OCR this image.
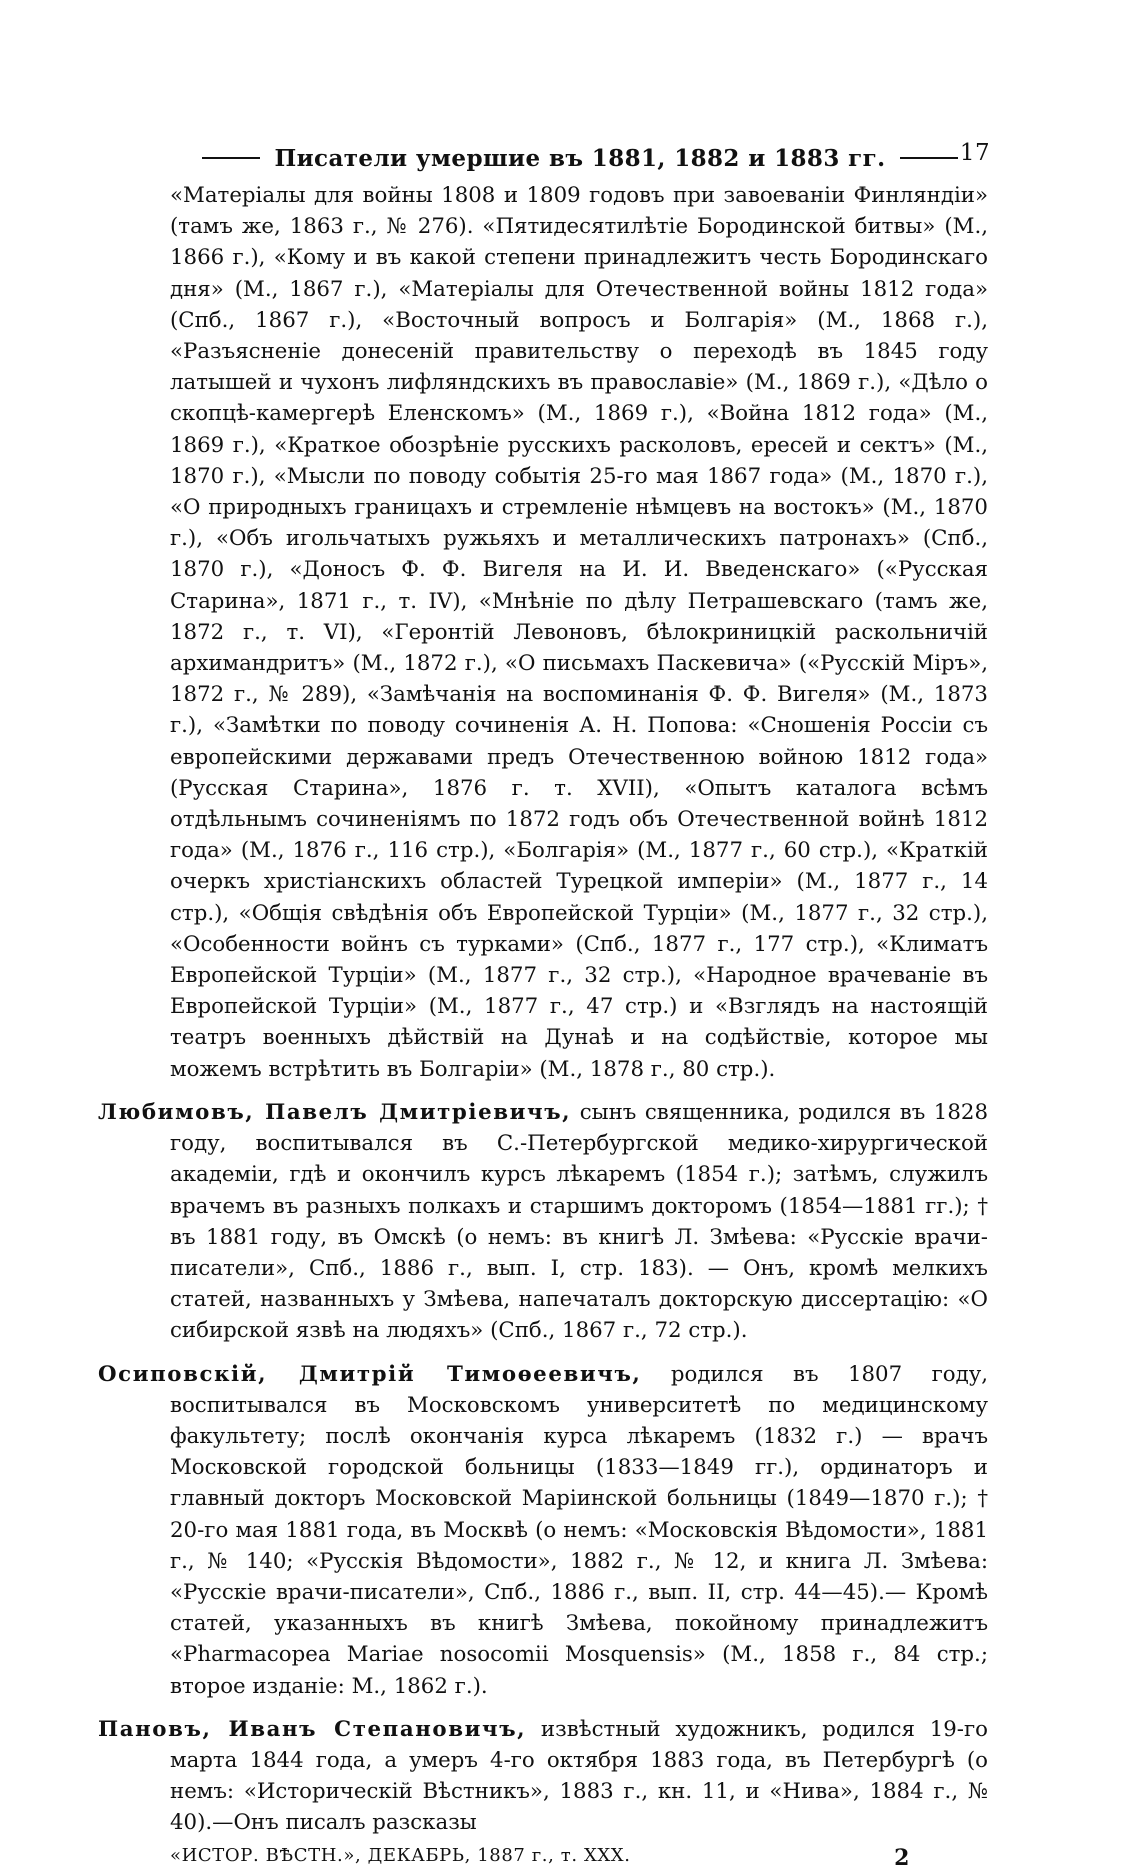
Писатели умершие въ 1881, 1882 и 1883 гг.	17
«Матеріалы для войны 1808 и 1809 годовъ при завоеваніи Финляндіи» (тамъ же, 1863 г., № 276). «Пятидесятилѣтіе Бородинской битвы» (М., 1866 г.), «Кому и въ какой степени принадлежитъ честь Бородинскаго дня» (М., 1867 г.), «Матеріалы для Отечественной войны 1812 года» (Спб., 1867 г.), «Восточный вопросъ и Болгарія» (М., 1868 г.), «Разъясненіе донесеній правительству о переходѣ въ 1845 году латышей и чухонъ лифляндскихъ въ православіе» (М., 1869 г.), «Дѣло о скопцѣ-камергерѣ Еленскомъ» (М., 1869 г.), «Война 1812 года» (М., 1869 г.), «Краткое обозрѣніе русскихъ расколовъ, ересей и сектъ» (М., 1870 г.), «Мысли по поводу событія 25-го мая 1867 года» (М., 1870 г.), «О природныхъ границахъ и стремленіе нѣмцевъ на востокъ» (М., 1870 г.), «Объ игольчатыхъ ружьяхъ и металлическихъ патронахъ» (Спб., 1870 г.), «Доносъ Ф. Ф. Вигеля на И. И. Введенскаго» («Русская Старина», 1871 г., т. IV), «Мнѣніе по дѣлу Петрашевскаго (тамъ же, 1872 г., т. VI), «Геронтій Левоновъ, бѣлокриницкій раскольничій архимандритъ» (М., 1872 г.), «О письмахъ Паскевича» («Русскій Міръ», 1872 г., № 289), «Замѣчанія на воспоминанія Ф. Ф. Вигеля» (М., 1873 г.), «Замѣтки по поводу сочиненія А. Н. Попова: «Сношенія Россіи съ европейскими державами предъ Отечественною войною 1812 года» (Русская Старина», 1876 г. т. XVII), «Опытъ каталога всѣмъ отдѣльнымъ сочиненіямъ по 1872 годъ объ Отечественной войнѣ 1812 года» (М., 1876 г., 116 стр.), «Болгарія» (М., 1877 г., 60 стр.), «Краткій очеркъ христіанскихъ областей Турецкой имперіи» (М., 1877 г., 14 стр.), «Общія свѣдѣнія объ Европейской Турціи» (М., 1877 г., 32 стр.), «Особенности войнъ съ турками» (Спб., 1877 г., 177 стр.), «Климатъ Европейской Турціи» (М., 1877 г., 32 стр.), «Народное врачеваніе въ Европейской Турціи» (М., 1877 г., 47 стр.) и «Взглядъ на настоящій театръ военныхъ дѣйствій на Дунаѣ и на содѣйствіе, которое мы можемъ встрѣтить въ Болгаріи» (М., 1878 г., 80 стр.).
Любимовъ, Павелъ Дмитріевичъ, сынъ священника, родился въ 1828 году, воспитывался въ С.-Петербургской медико-хирургической академіи, гдѣ и окончилъ курсъ лѣкаремъ (1854 г.); затѣмъ, служилъ врачемъ въ разныхъ полкахъ и старшимъ докторомъ (1854—1881 гг.); † въ 1881 году, въ Омскѣ (о немъ: въ книгѣ Л. Змѣева: «Русскіе врачи-писатели», Спб., 1886 г., вып. I, стр. 183). — Онъ, кромѣ мелкихъ статей, названныхъ у Змѣева, напечаталъ докторскую диссертацію: «О сибирской язвѣ на людяхъ» (Спб., 1867 г., 72 стр.).
Осиповскій, Дмитрій Тимоѳеевичъ, родился въ 1807 году, воспитывался въ Московскомъ университетѣ по медицинскому факультету; послѣ окончанія курса лѣкаремъ (1832 г.) — врачъ Московской городской больницы (1833—1849 гг.), ординаторъ и главный докторъ Московской Маріинской больницы (1849—1870 г.); † 20-го мая 1881 года, въ Москвѣ (о немъ: «Московскія Вѣдомости», 1881 г., № 140; «Русскія Вѣдомости», 1882 г., № 12, и книга Л. Змѣева: «Русскіе врачи-писатели», Спб., 1886 г., вып. II, стр. 44—45).— Кромѣ статей, указанныхъ въ книгѣ Змѣева, покойному принадлежитъ «Pharmacopea Mariae nosocomii Mosquensis» (М., 1858 г., 84 стр.; второе изданіе: М., 1862 г.).
Пановъ, Иванъ Степановичъ, извѣстный художникъ, родился 19-го марта 1844 года, а умеръ 4-го октября 1883 года, въ Петербургѣ (о немъ: «Историческій Вѣстникъ», 1883 г., кн. 11, и «Нива», 1884 г., № 40).—Онъ писалъ разсказы
«ИСТОР. ВѢСТН.», ДЕКАБРЬ, 1887 г., т. XXX.	2
